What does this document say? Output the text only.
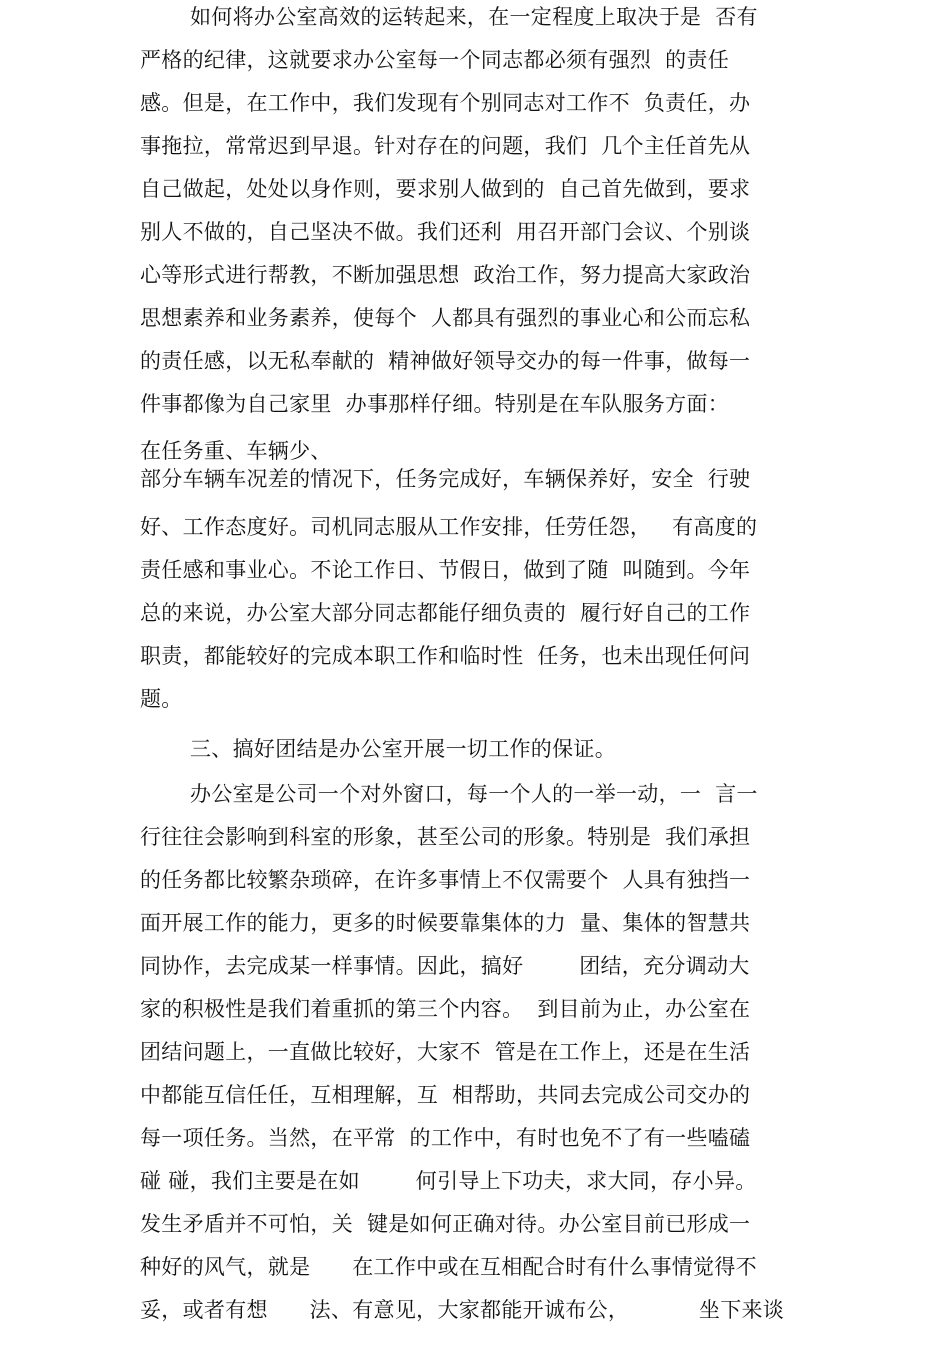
如何将办公室高效的运转起来，在一定程度上取决于是  否有
严格的纪律，这就要求办公室每一个同志都必须有强烈  的责任
感。但是，在工作中，我们发现有个别同志对工作不  负责任，办
事拖拉，常常迟到早退。针对存在的问题，我们  几个主任首先从
自己做起，处处以身作则，要求别人做到的  自己首先做到，要求
别人不做的，自己坚决不做。我们还利  用召开部门会议、个别谈
心等形式进行帮教，不断加强思想  政治工作，努力提高大家政治
思想素养和业务素养，使每个  人都具有强烈的事业心和公而忘私
的责任感，以无私奉献的  精神做好领导交办的每一件事，做每一
件事都像为自己家里  办事那样仔细。特别是在车队服务方面：
在任务重、车辆少、
部分车辆车况差的情况下，任务完成好，车辆保养好，安全  行驶
好、工作态度好。司机同志服从工作安排，任劳任怨，   有高度的
责任感和事业心。不论工作日、节假日，做到了随  叫随到。今年
总的来说，办公室大部分同志都能仔细负责的  履行好自己的工作
职责，都能较好的完成本职工作和临时性  任务，也未出现任何问
题。
三、搞好团结是办公室开展一切工作的保证。
办公室是公司一个对外窗口，每一个人的一举一动，一  言一
行往往会影响到科室的形象，甚至公司的形象。特别是  我们承担
的任务都比较繁杂琐碎，在许多事情上不仅需要个  人具有独挡一
面开展工作的能力，更多的时候要靠集体的力  量、集体的智慧共
同协作，去完成某一样事情。因此，搞好        团结，充分调动大
家的积极性是我们着重抓的第三个内容。  到目前为止，办公室在
团结问题上，一直做比较好，大家不  管是在工作上，还是在生活
中都能互信任任，互相理解，互  相帮助，共同去完成公司交办的
每一项任务。当然，在平常  的工作中，有时也免不了有一些嗑磕
碰 碰，我们主要是在如        何引导上下功夫，求大同，存小异。
发生矛盾并不可怕，关  键是如何正确对待。办公室目前已形成一
种好的风气，就是      在工作中或在互相配合时有什么事情觉得不
妥，或者有想      法、有意见，大家都能开诚布公，          坐下来谈
